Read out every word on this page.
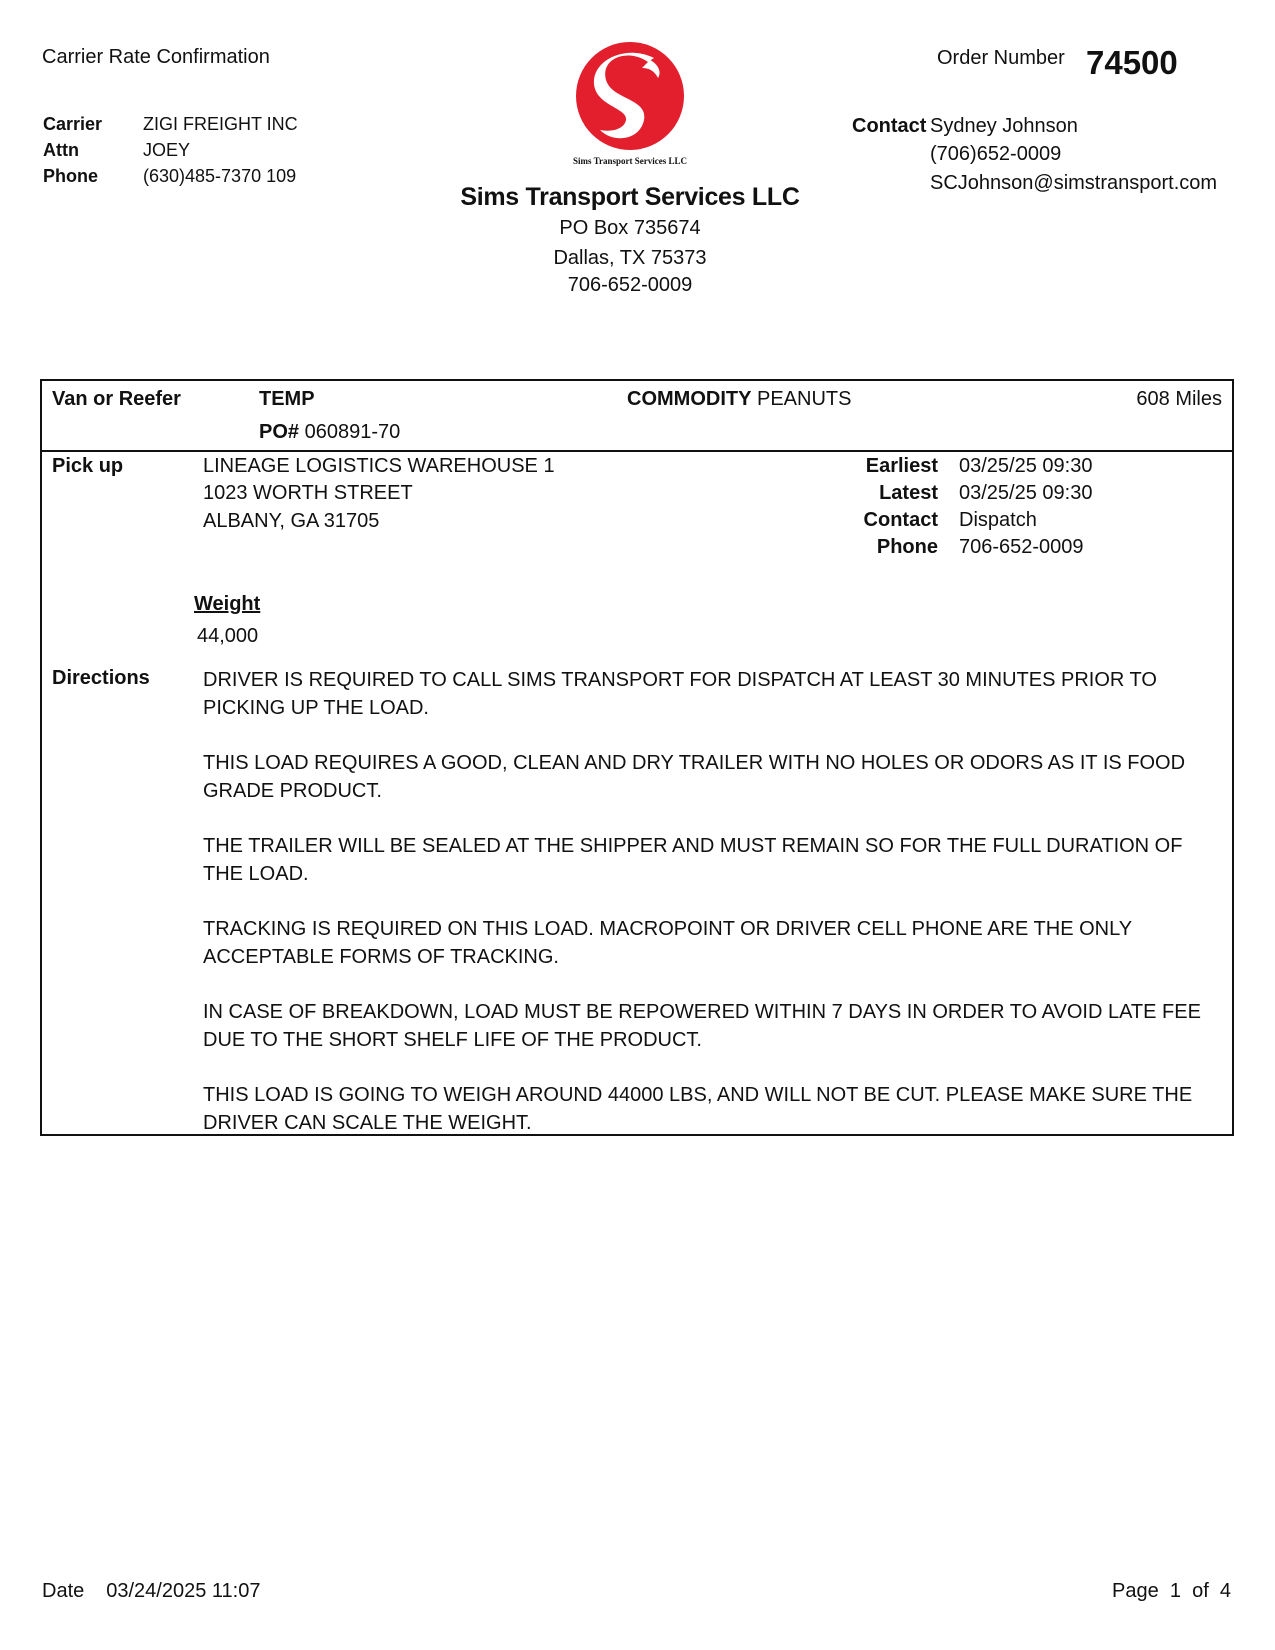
Carrier Rate Confirmation
Carrier	ZIGI FREIGHT INC
Attn	JOEY
Phone	(630)485-7370 109
Sims Transport Services LLC
Sims Transport Services LLC
PO Box 735674
Dallas, TX 75373
706-652-0009
Order Number 74500
Contact Sydney Johnson
(706)652-0009
SCJohnson@simstransport.com
Van or Reefer	TEMP
PO# 060891-70
COMMODITY PEANUTS	608 Miles
Pick up	LINEAGE LOGISTICS WAREHOUSE 1
1023 WORTH STREET
ALBANY, GA 31705
Earliest 03/25/25 09:30
Latest 03/25/25 09:30
Contact Dispatch
Phone 706-652-0009
Weight
44,000
Directions	DRIVER IS REQUIRED TO CALL SIMS TRANSPORT FOR DISPATCH AT LEAST 30 MINUTES PRIOR TO PICKING UP THE LOAD.

THIS LOAD REQUIRES A GOOD, CLEAN AND DRY TRAILER WITH NO HOLES OR ODORS AS IT IS FOOD GRADE PRODUCT.

THE TRAILER WILL BE SEALED AT THE SHIPPER AND MUST REMAIN SO FOR THE FULL DURATION OF THE LOAD.

TRACKING IS REQUIRED ON THIS LOAD. MACROPOINT OR DRIVER CELL PHONE ARE THE ONLY ACCEPTABLE FORMS OF TRACKING.

IN CASE OF BREAKDOWN, LOAD MUST BE REPOWERED WITHIN 7 DAYS IN ORDER TO AVOID LATE FEE DUE TO THE SHORT SHELF LIFE OF THE PRODUCT.

THIS LOAD IS GOING TO WEIGH AROUND 44000 LBS, AND WILL NOT BE CUT. PLEASE MAKE SURE THE DRIVER CAN SCALE THE WEIGHT.

Date 03/24/2025 11:07	Page 1 of 4
